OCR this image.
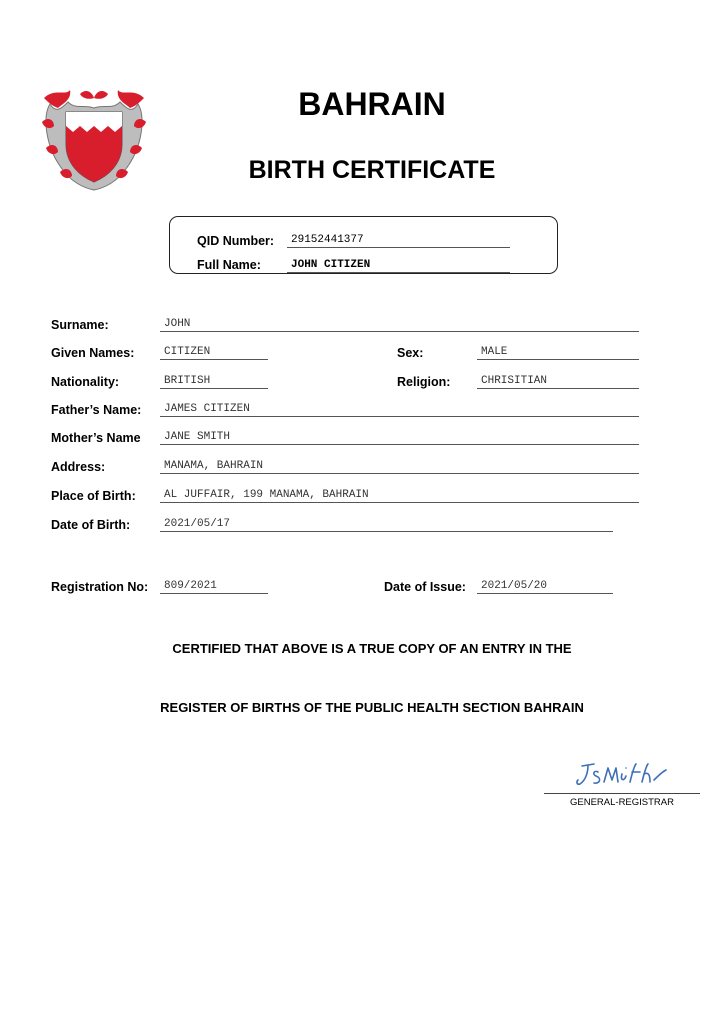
BAHRAIN
BIRTH CERTIFICATE
QID Number:	29152441377
Full Name:	JOHN CITIZEN
Surname:	JOHN
Given Names:	CITIZEN	Sex:	MALE
Nationality:	BRITISH	Religion:	CHRISITIAN
Father’s Name:	JAMES CITIZEN
Mother’s Name	JANE SMITH
Address:	MANAMA, BAHRAIN
Place of Birth:	AL JUFFAIR, 199 MANAMA, BAHRAIN
Date of Birth:	2021/05/17
Registration No:	809/2021	Date of Issue:	2021/05/20
CERTIFIED THAT ABOVE IS A TRUE COPY OF AN ENTRY IN THE
REGISTER OF BIRTHS OF THE PUBLIC HEALTH SECTION BAHRAIN
GENERAL-REGISTRAR
